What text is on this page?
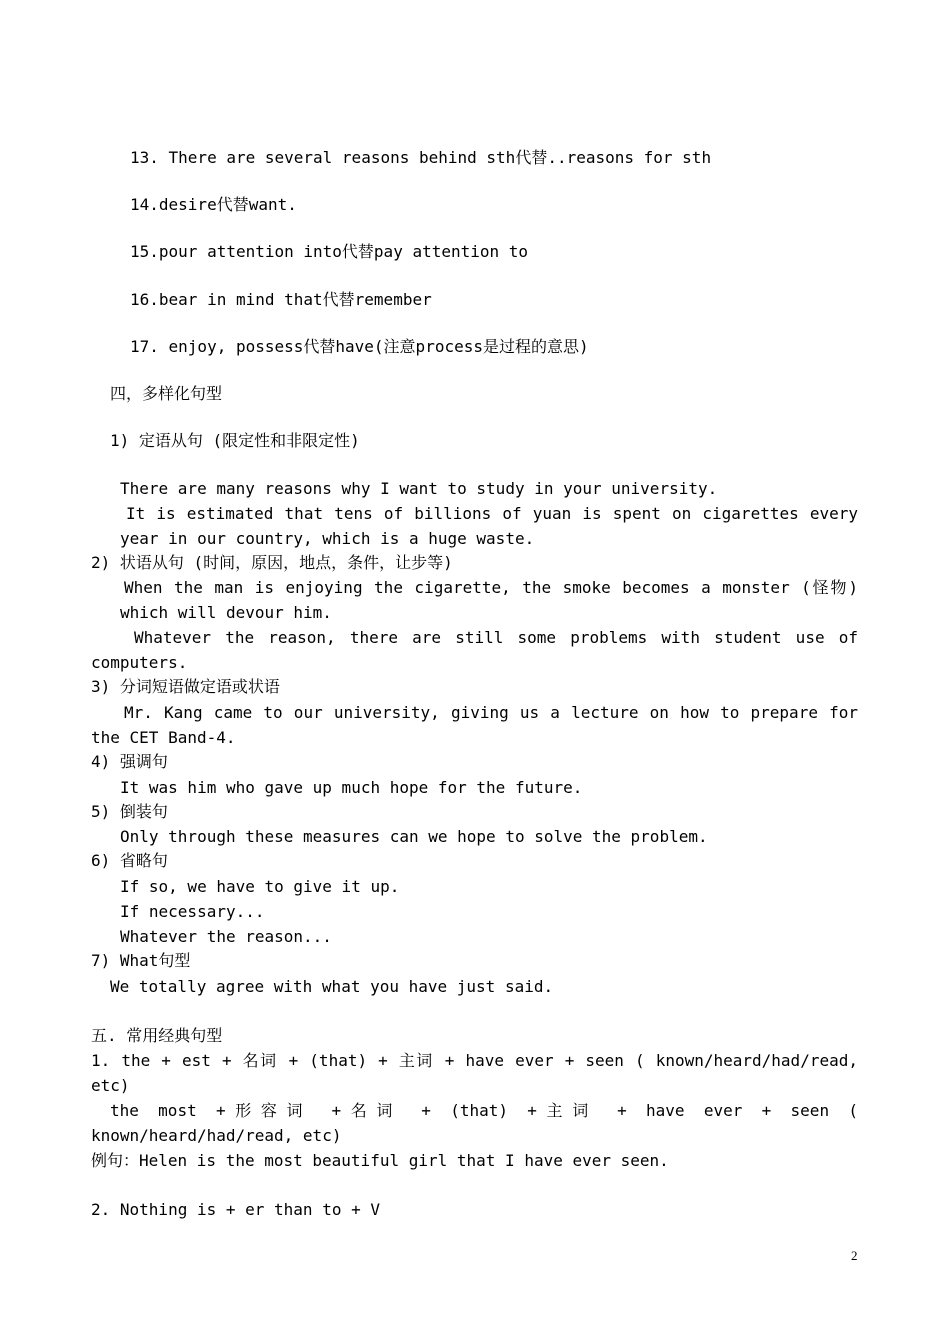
13. There are several reasons behind sth代替..reasons for sth
14.desire代替want.
15.pour attention into代替pay attention to
16.bear in mind that代替remember
17. enjoy, possess代替have(注意process是过程的意思)
四，多样化句型
1) 定语从句 (限定性和非限定性)
There are many reasons why I want to study in your university.
It is estimated that tens of billions of yuan is spent on cigarettes every
year in our country, which is a huge waste.
2) 状语从句 (时间，原因，地点，条件，让步等)
When the man is enjoying the cigarette, the smoke becomes a monster (怪物)
which will devour him.
Whatever the reason, there are still some problems with student use of
computers.
3) 分词短语做定语或状语
Mr. Kang came to our university, giving us a lecture on how to prepare for
the CET Band-4.
4) 强调句
It was him who gave up much hope for the future.
5) 倒装句
Only through these measures can we hope to solve the problem.
6) 省略句
If so, we have to give it up.
If necessary...
Whatever the reason...
7) What句型
We totally agree with what you have just said.
五. 常用经典句型
1. the + est + 名词 + (that) + 主词 + have ever + seen ( known/heard/had/read,
etc)
the most +形容词 +名词 + (that) +主词 + have ever + seen (
known/heard/had/read, etc)
例句：Helen is the most beautiful girl that I have ever seen.
2. Nothing is + er than to + V
2
